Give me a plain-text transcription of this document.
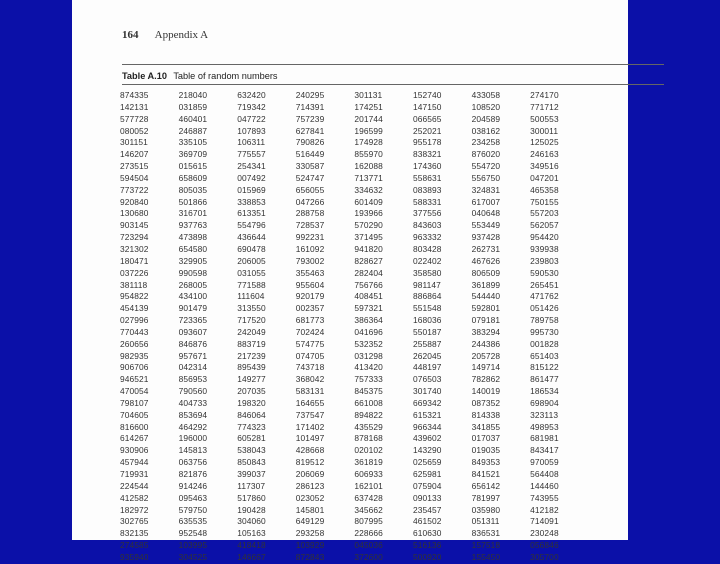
164 Appendix A
Table A.10 Table of random numbers
874335	218040	632420	240295	301131	152740	433058	274170
142131	031859	719342	714391	174251	147150	108520	771712
577728	460401	047722	757239	201744	066565	204589	500553
080052	246887	107893	627841	196599	252021	038162	300011
301151	335105	106311	790826	174928	955178	234258	125025
146207	369709	775557	516449	855970	838321	876020	246163
273515	015615	254341	330587	162088	174360	554720	349516
594504	658609	007492	524747	713771	558631	556750	047201
773722	805035	015969	656055	334632	083893	324831	465358
920840	501866	338853	047266	601409	588331	617007	750155
130680	316701	613351	288758	193966	377556	040648	557203
903145	937763	554796	728537	570290	843603	553449	562057
723294	473898	436644	992231	371495	963332	937428	954420
321302	654580	690478	161092	941820	803428	262731	939938
180471	329905	206005	793002	828627	022402	467626	239803
037226	990598	031055	355463	282404	358580	806509	590530
381118	268005	771588	955604	756766	981147	361899	265451
954822	434100	111604	920179	408451	886864	544440	471762
454139	901479	313550	002357	597321	551548	592801	051426
027996	723365	717520	681773	386364	168036	079181	789758
770443	093607	242049	702424	041696	550187	383294	995730
260656	846876	883719	574775	532352	255887	244386	001828
982935	957671	217239	074705	031298	262045	205728	651403
906706	042314	895439	743718	413420	448197	149714	815122
946521	856953	149277	368042	757333	076503	782862	861477
470054	790560	207035	583131	845375	301740	140019	186534
798107	404733	198320	164655	661008	669342	087352	698904
704605	853694	846064	737547	894822	615321	814338	323113
816600	464292	774323	171402	435529	966344	341855	498953
614267	196000	605281	101497	878168	439602	017037	681981
930906	145813	538043	428668	020102	143290	019035	843417
457944	063756	850843	819512	361819	025659	849353	970059
719931	821876	399037	206069	606933	625981	841521	564408
224544	914246	117307	286123	162101	075904	656142	144460
412582	095463	517860	023052	637428	090133	781997	743955
182972	579750	190428	145801	345662	235457	035980	412182
302765	635535	304060	649129	807995	461502	051311	714091
832135	952548	105163	293258	228666	610630	836531	230248
274585	103995	418418	103929	045036	516136	157518	056846
935940	304525	146667	872843	372600	500920	155450	305700
